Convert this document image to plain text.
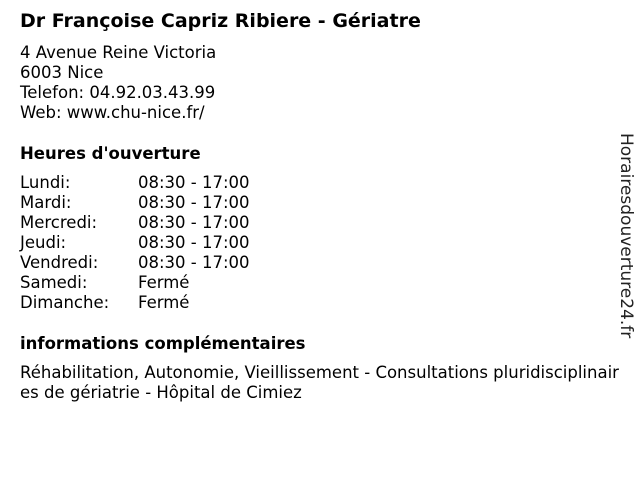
Dr Françoise Capriz Ribiere - Gériatre
4 Avenue Reine Victoria
6003 Nice
Telefon: 04.92.03.43.99
Web: www.chu-nice.fr/
Heures d'ouverture
Lundi:	08:30 - 17:00
Mardi:	08:30 - 17:00
Mercredi: 08:30 - 17:00
Jeudi:	08:30 - 17:00
Vendredi: 08:30 - 17:00
Samedi:	Fermé
Dimanche: Fermé
informations complémentaires
Réhabilitation, Autonomie, Vieillissement - Consultations pluridisciplinaires de gériatrie - Hôpital de Cimiez
Horairesdouverture24.fr
